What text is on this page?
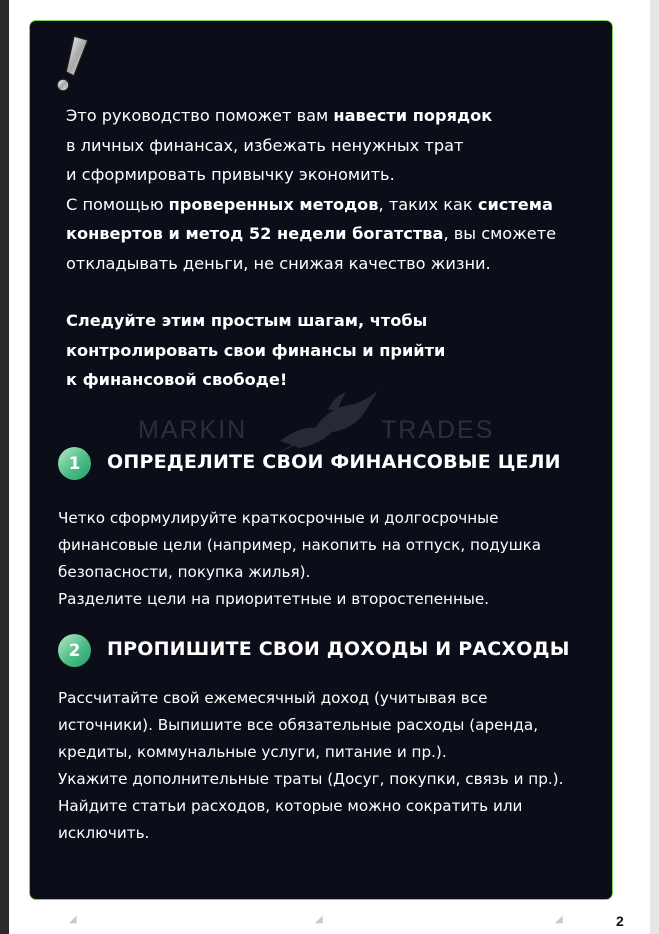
◢	◢	◢

Это руководство поможет вам навести порядок
в личных финансах, избежать ненужных трат
и сформировать привычку экономить.
С помощью проверенных методов, таких как система
конвертов и метод 52 недели богатства, вы сможете
откладывать деньги, не снижая качество жизни.

Следуйте этим простым шагам, чтобы
контролировать свои финансы и прийти
к финансовой свободе!

MARKIN	TRADES
1	ОПРЕДЕЛИТЕ СВОИ ФИНАНСОВЫЕ ЦЕЛИ

Четко сформулируйте краткосрочные и долгосрочные
финансовые цели (например, накопить на отпуск, подушка
безопасности, покупка жилья).
Разделите цели на приоритетные и второстепенные.

2	ПРОПИШИТЕ СВОИ ДОХОДЫ И РАСХОДЫ

Рассчитайте свой ежемесячный доход (учитывая все
источники). Выпишите все обязательные расходы (аренда,
кредиты, коммунальные услуги, питание и пр.).
Укажите дополнительные траты (Досуг, покупки, связь и пр.).
Найдите статьи расходов, которые можно сократить или
исключить.

2
